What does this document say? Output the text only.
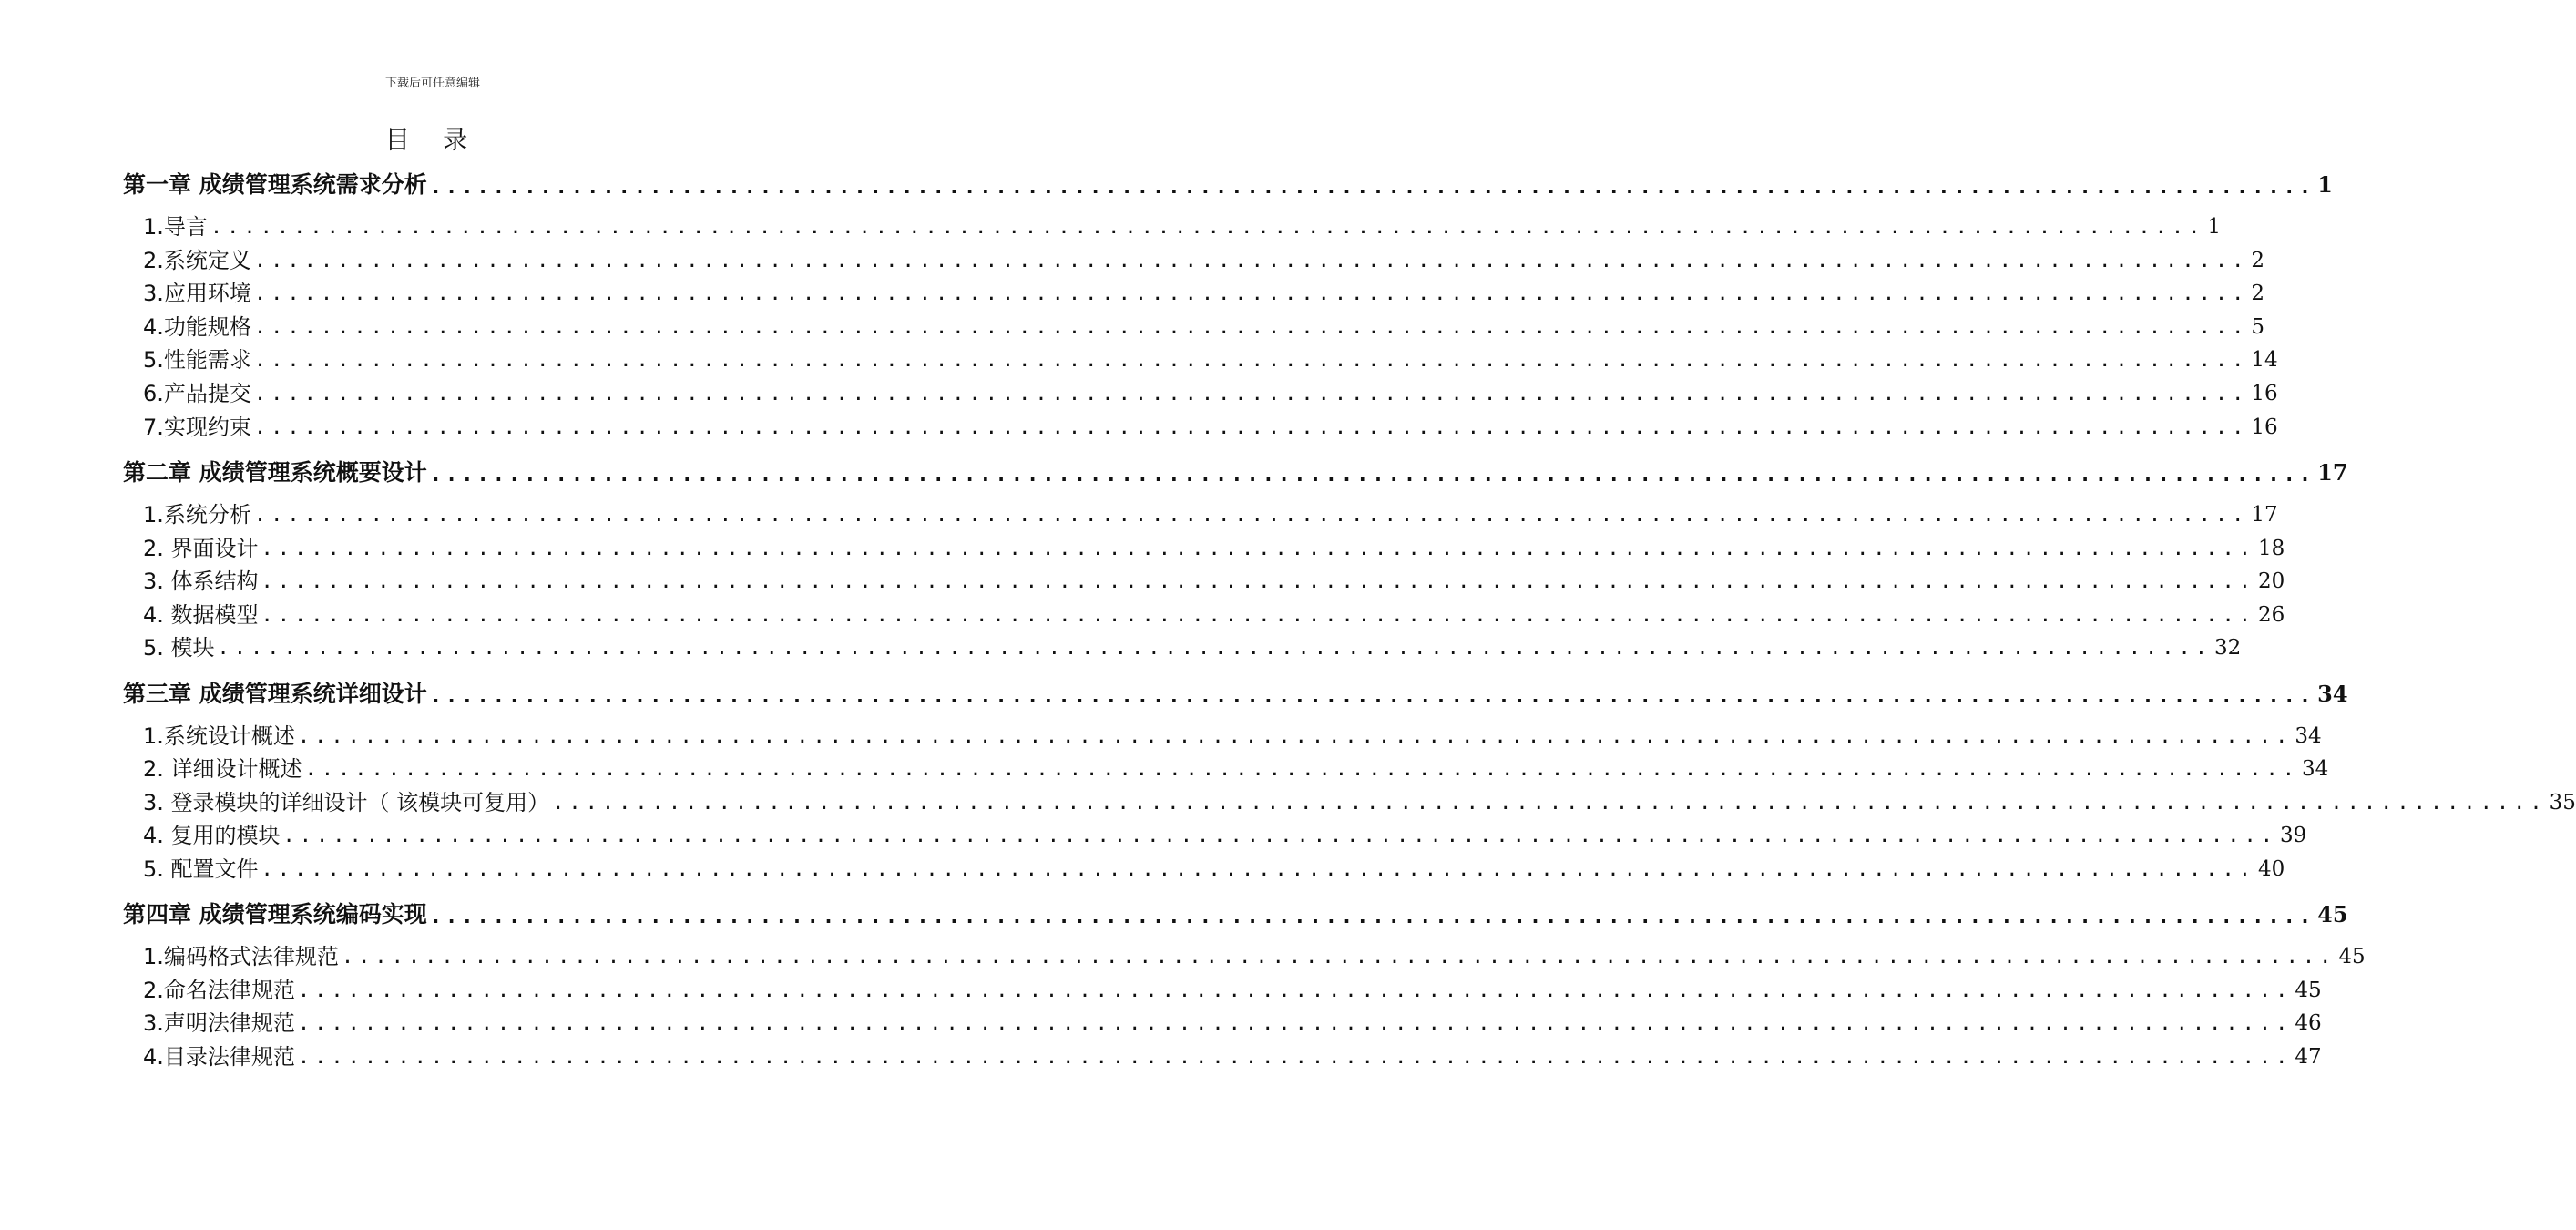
下载后可任意编辑
目 录
第一章 成绩管理系统需求分析 ........................................................................................................................ 1
1.导言 ........................................................................................................................ 1
2.系统定义 ........................................................................................................................ 2
3.应用环境 ........................................................................................................................ 2
4.功能规格 ........................................................................................................................ 5
5.性能需求 ........................................................................................................................ 14
6.产品提交 ........................................................................................................................ 16
7.实现约束 ........................................................................................................................ 16
第二章 成绩管理系统概要设计 ........................................................................................................................ 17
1.系统分析 ........................................................................................................................ 17
2. 界面设计 ........................................................................................................................ 18
3. 体系结构 ........................................................................................................................ 20
4. 数据模型 ........................................................................................................................ 26
5. 模块 ........................................................................................................................ 32
第三章 成绩管理系统详细设计 ........................................................................................................................ 34
1.系统设计概述 ........................................................................................................................ 34
2. 详细设计概述 ........................................................................................................................ 34
3. 登录模块的详细设计（ 该模块可复用） ........................................................................................................................ 35
4. 复用的模块 ........................................................................................................................ 39
5. 配置文件 ........................................................................................................................ 40
第四章 成绩管理系统编码实现 ........................................................................................................................ 45
1.编码格式法律规范 ........................................................................................................................ 45
2.命名法律规范 ........................................................................................................................ 45
3.声明法律规范 ........................................................................................................................ 46
4.目录法律规范 ........................................................................................................................ 47
